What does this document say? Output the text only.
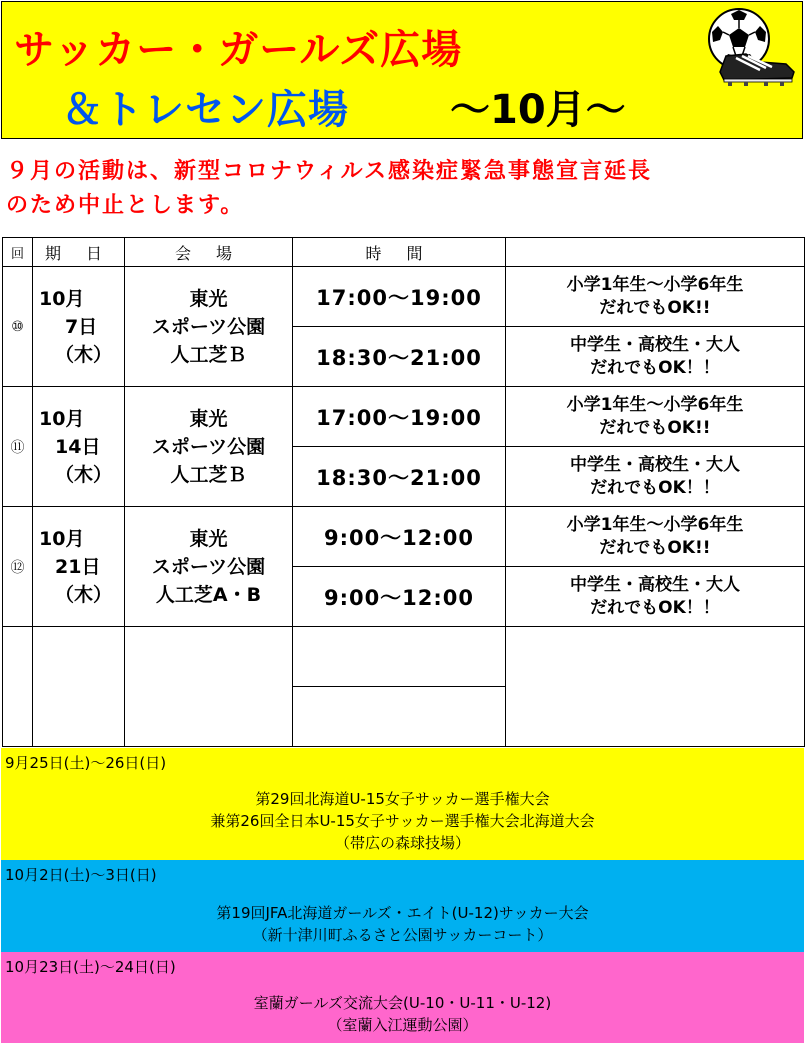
サッカー・ガールズ広場
＆トレセン広場	～10月～
９月の活動は、新型コロナウィルス感染症緊急事態宣言延長
のため中止とします。
回	期 日	会 場	時 間	
⑩	10月
7日
（木）	東光
スポーツ公園
人工芝Ｂ	17:00～19:00	小学1年生～小学6年生
だれでもOK!!

			18:30～21:00	中学生・高校生・大人
だれでもOK！！

⑪	10月
14日
（木）	東光
スポーツ公園
人工芝Ｂ	17:00～19:00	小学1年生～小学6年生
だれでもOK!!

			18:30～21:00	中学生・高校生・大人
だれでもOK！！

⑫	10月
21日
（木）	東光
スポーツ公園
人工芝A・B	9:00～12:00	小学1年生～小学6年生
だれでもOK!!

			9:00～12:00	中学生・高校生・大人
だれでもOK！！

9月25日(土)～26日(日)
第29回北海道U-15女子サッカー選手権大会
兼第26回全日本U-15女子サッカー選手権大会北海道大会
（帯広の森球技場）
10月2日(土)～3日(日)
第19回JFA北海道ガールズ・エイト(U-12)サッカー大会
（新十津川町ふるさと公園サッカーコート）
10月23日(土)～24日(日)
室蘭ガールズ交流大会(U-10・U-11・U-12)
（室蘭入江運動公園）
